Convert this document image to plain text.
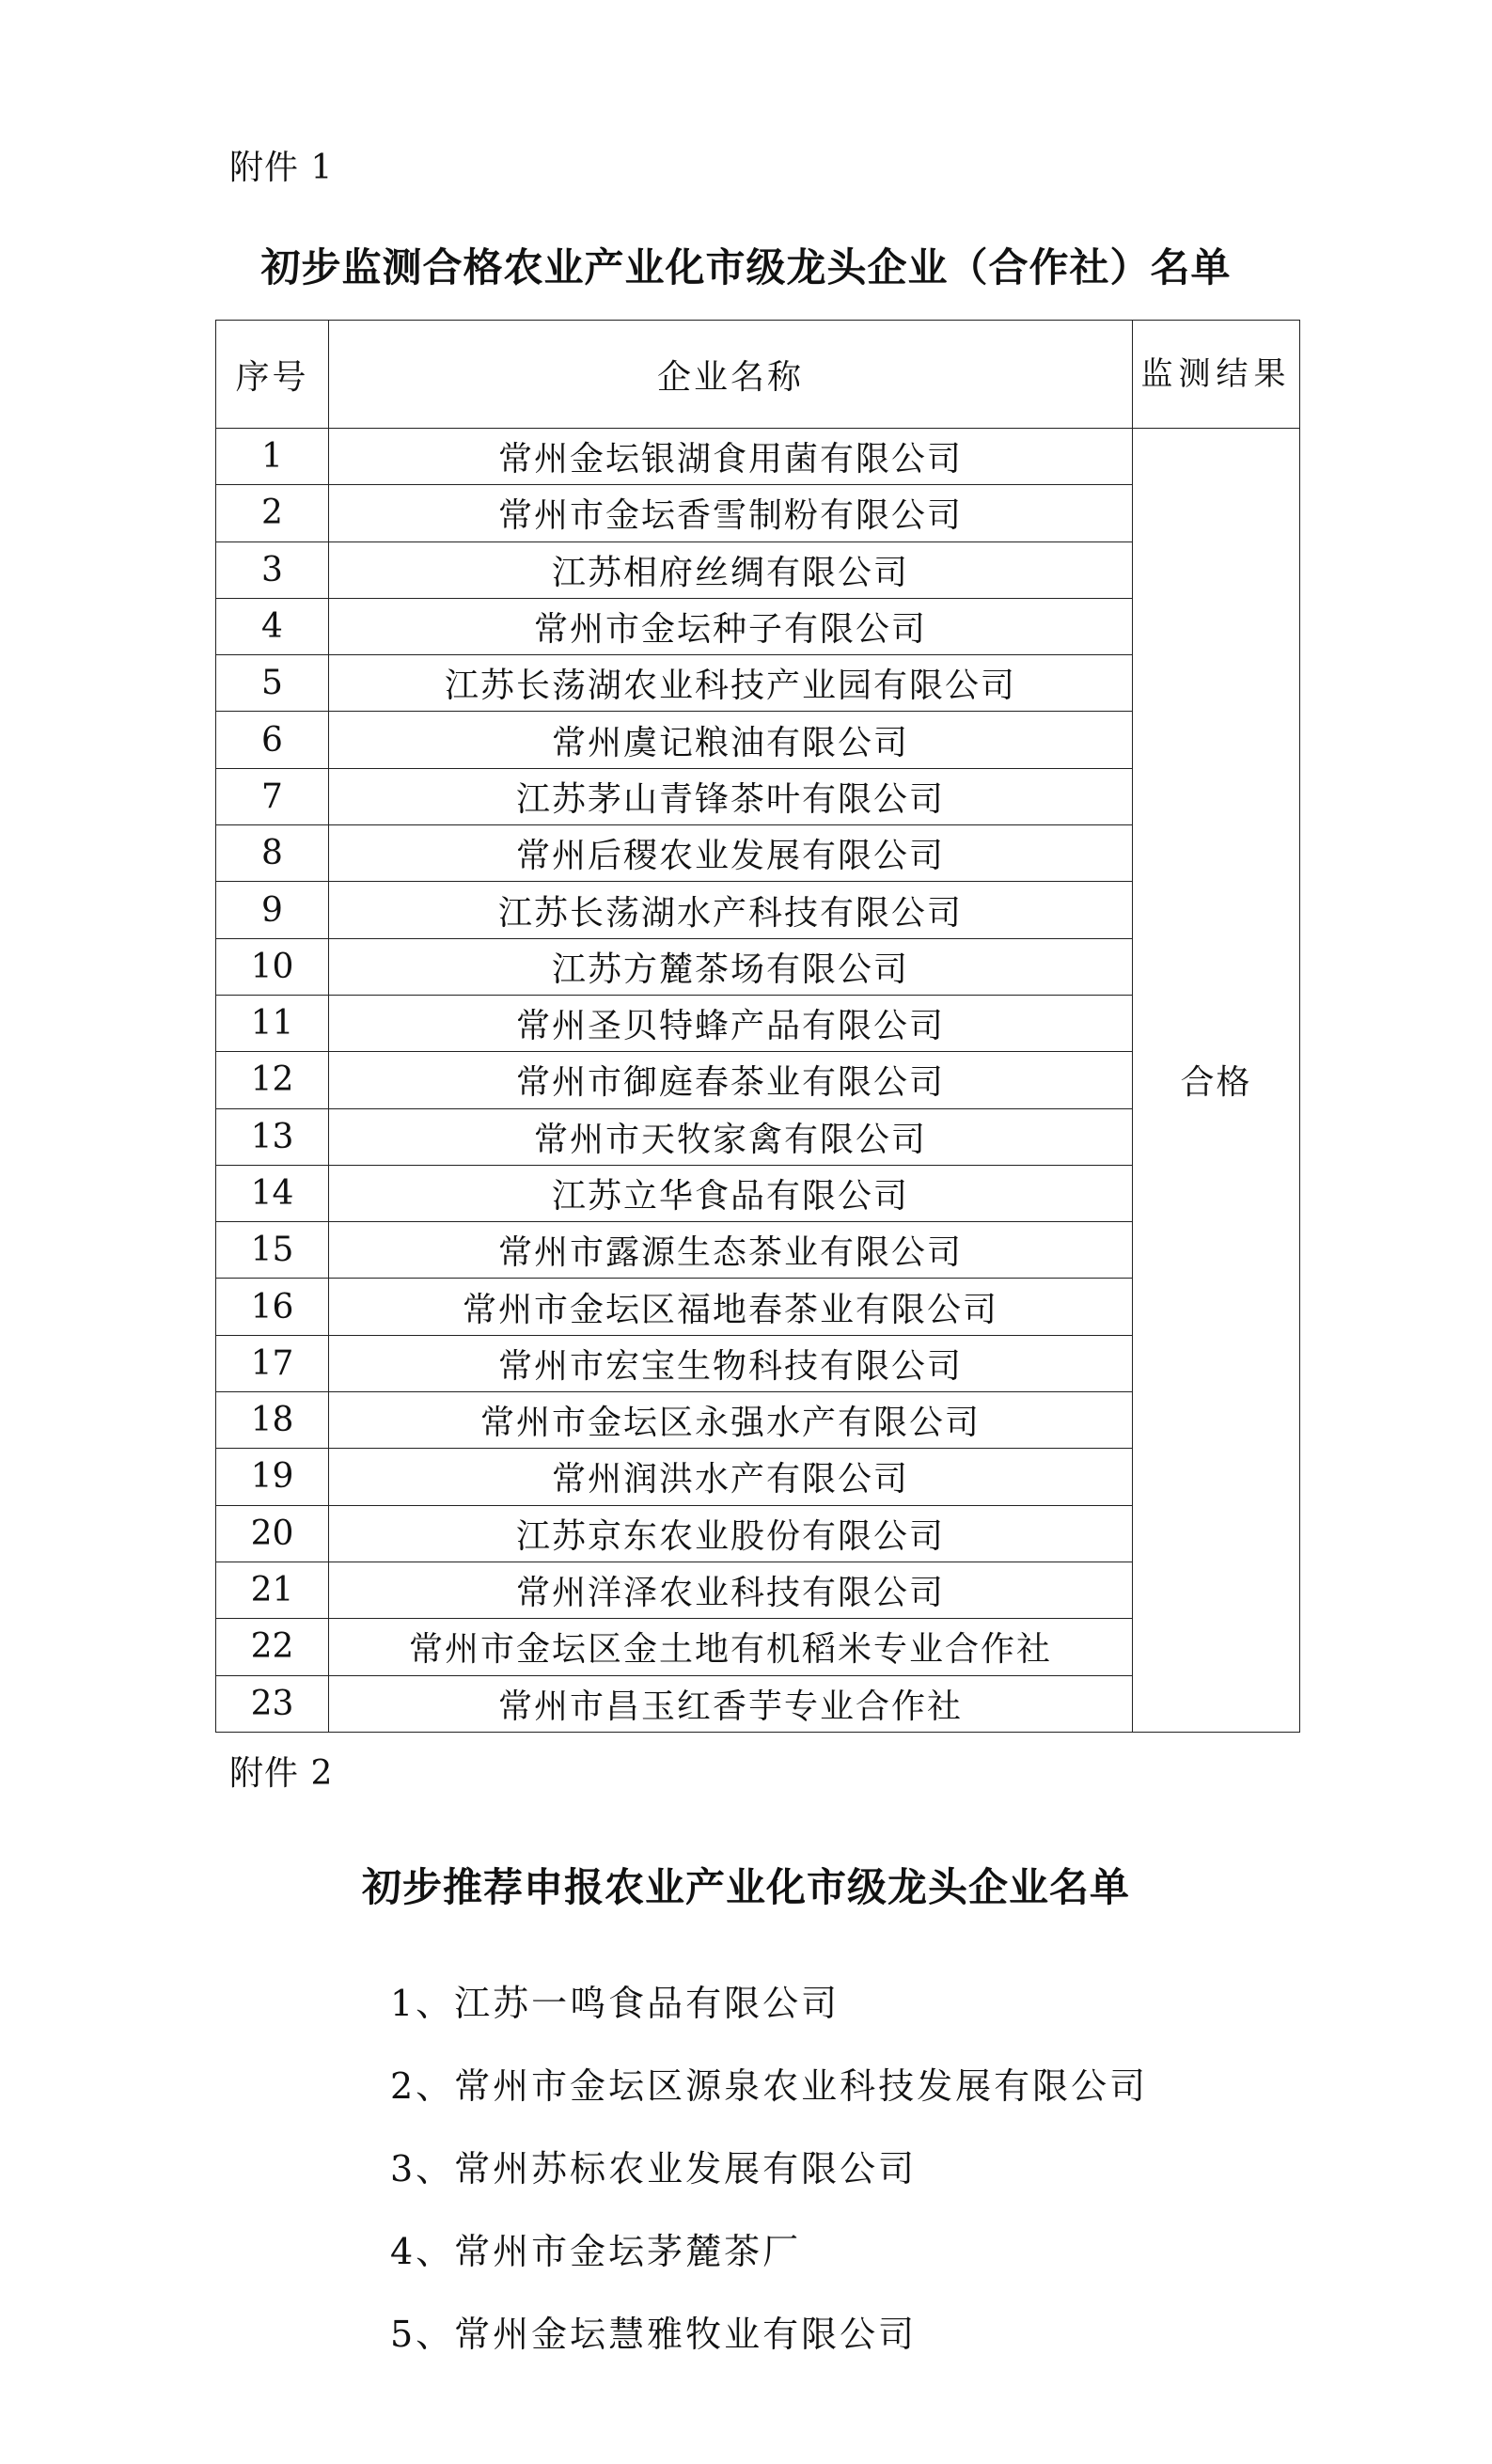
附件 1
初步监测合格农业产业化市级龙头企业（合作社）名单
序号	企业名称	监测结果
1	常州金坛银湖食用菌有限公司	合格
2	常州市金坛香雪制粉有限公司	
3	江苏相府丝绸有限公司	
4	常州市金坛种子有限公司	
5	江苏长荡湖农业科技产业园有限公司	
6	常州虞记粮油有限公司	
7	江苏茅山青锋茶叶有限公司	
8	常州后稷农业发展有限公司	
9	江苏长荡湖水产科技有限公司	
10	江苏方麓茶场有限公司	
11	常州圣贝特蜂产品有限公司	
12	常州市御庭春茶业有限公司	
13	常州市天牧家禽有限公司	
14	江苏立华食品有限公司	
15	常州市露源生态茶业有限公司	
16	常州市金坛区福地春茶业有限公司	
17	常州市宏宝生物科技有限公司	
18	常州市金坛区永强水产有限公司	
19	常州润洪水产有限公司	
20	江苏京东农业股份有限公司	
21	常州洋泽农业科技有限公司	
22	常州市金坛区金土地有机稻米专业合作社	
23	常州市昌玉红香芋专业合作社	
附件 2
初步推荐申报农业产业化市级龙头企业名单
1、江苏一鸣食品有限公司
2、常州市金坛区源泉农业科技发展有限公司
3、常州苏标农业发展有限公司
4、常州市金坛茅麓茶厂
5、常州金坛慧雅牧业有限公司
